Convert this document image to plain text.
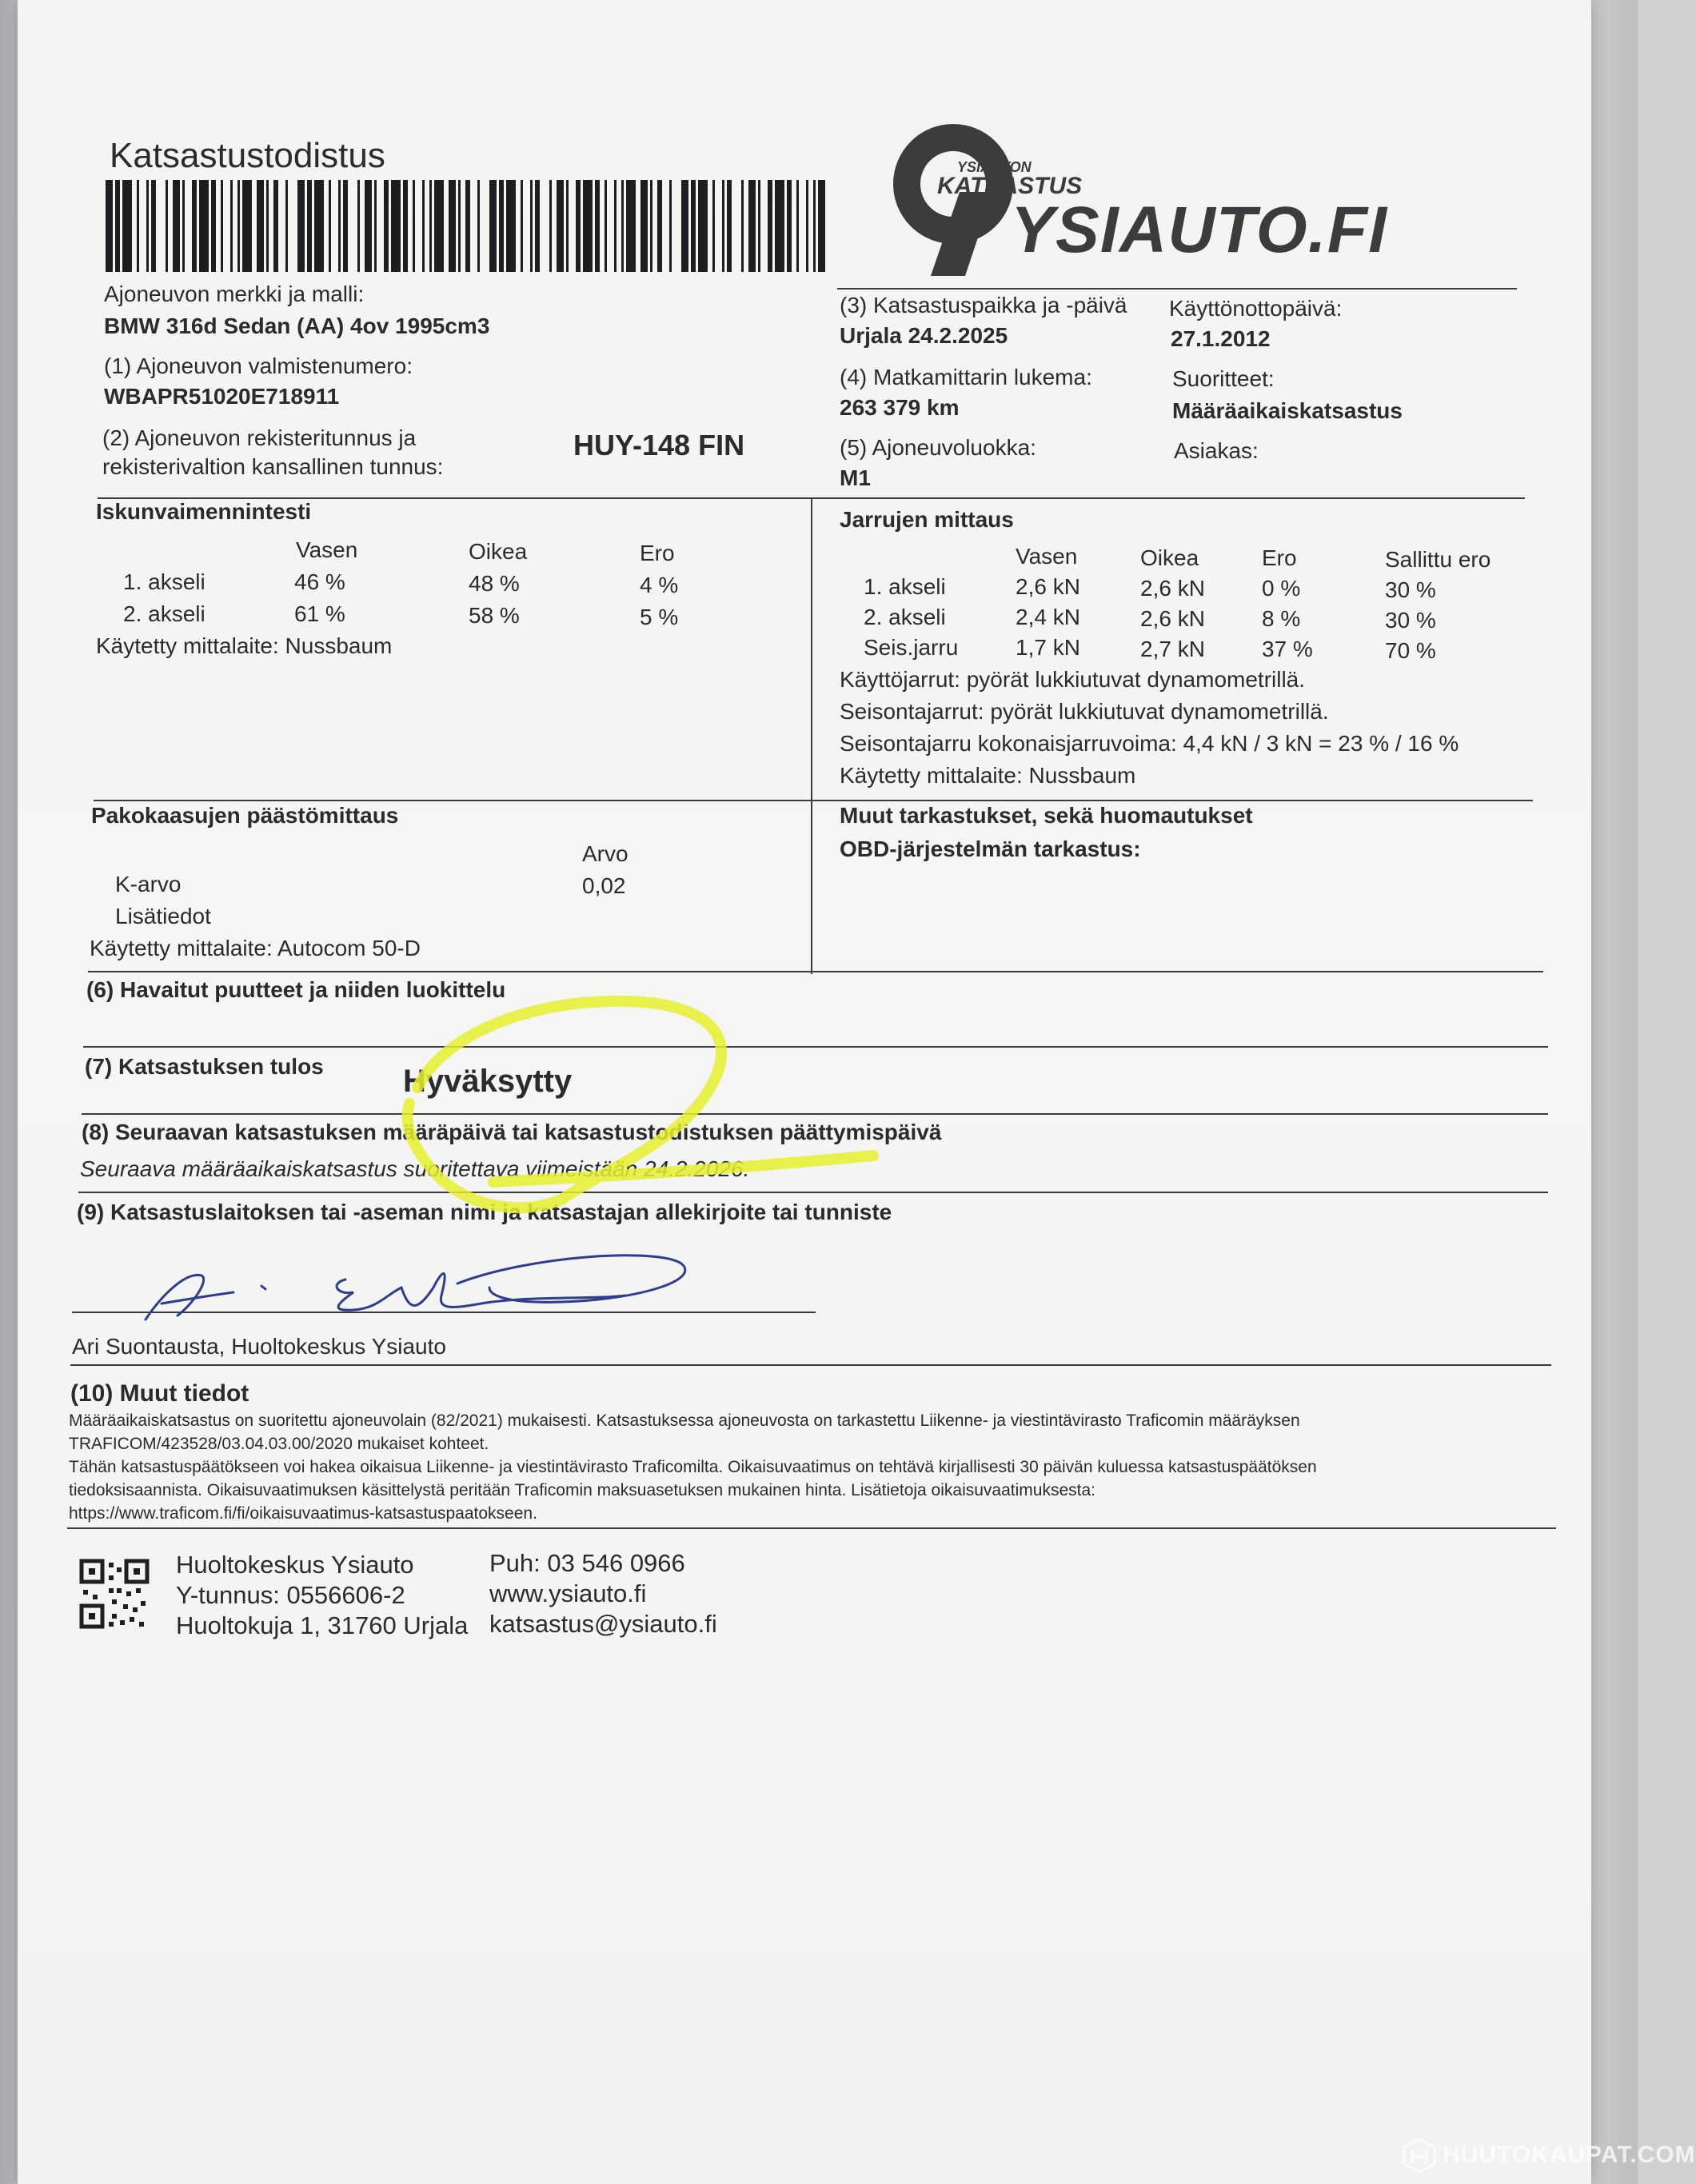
Katsastustodistus	YSIAUTON
KATSASTUS
YSIAUTO.FI
Ajoneuvon merkki ja malli:
BMW 316d Sedan (AA) 4ov 1995cm3
(1) Ajoneuvon valmistenumero:
WBAPR51020E718911
(2) Ajoneuvon rekisteritunnus ja
rekisterivaltion kansallinen tunnus:
HUY-148 FIN
(3) Katsastuspaikka ja -päivä
Urjala 24.2.2025
Käyttönottopäivä:
27.1.2012
(4) Matkamittarin lukema:
263 379 km
Suoritteet:
Määräaikaiskatsastus
(5) Ajoneuvoluokka:
M1
Asiakas:
Iskunvaimennintesti
Vasen	Oikea	Ero
1. akseli	46 %	48 %	4 %
2. akseli	61 %	58 %	5 %
Käytetty mittalaite: Nussbaum
Jarrujen mittaus
Vasen	Oikea	Ero	Sallittu ero
1. akseli	2,6 kN	2,6 kN	0 %	30 %
2. akseli	2,4 kN	2,6 kN	8 %	30 %
Seis.jarru	1,7 kN	2,7 kN	37 %	70 %
Käyttöjarrut: pyörät lukkiutuvat dynamometrillä.
Seisontajarrut: pyörät lukkiutuvat dynamometrillä.
Seisontajarru kokonaisjarruvoima: 4,4 kN / 3 kN = 23 % / 16 %
Käytetty mittalaite: Nussbaum
Pakokaasujen päästömittaus
Arvo
K-arvo	0,02
Lisätiedot
Käytetty mittalaite: Autocom 50-D
Muut tarkastukset, sekä huomautukset
OBD-järjestelmän tarkastus:
(6) Havaitut puutteet ja niiden luokittelu
(7) Katsastuksen tulos Hyväksytty
(8) Seuraavan katsastuksen määräpäivä tai katsastustodistuksen päättymispäivä
Seuraava määräaikaiskatsastus suoritettava viimeistään 24.2.2026.
(9) Katsastuslaitoksen tai -aseman nimi ja katsastajan allekirjoite tai tunniste
Ari Suontausta, Huoltokeskus Ysiauto
(10) Muut tiedot
Määräaikaiskatsastus on suoritettu ajoneuvolain (82/2021) mukaisesti. Katsastuksessa ajoneuvosta on tarkastettu Liikenne- ja viestintävirasto Traficomin määräyksen
TRAFICOM/423528/03.04.03.00/2020 mukaiset kohteet.
Tähän katsastuspäätökseen voi hakea oikaisua Liikenne- ja viestintävirasto Traficomilta. Oikaisuvaatimus on tehtävä kirjallisesti 30 päivän kuluessa katsastuspäätöksen
tiedoksisaannista. Oikaisuvaatimuksen käsittelystä peritään Traficomin maksuasetuksen mukainen hinta. Lisätietoja oikaisuvaatimuksesta:
https://www.traficom.fi/fi/oikaisuvaatimus-katsastuspaatokseen.
Huoltokeskus Ysiauto
Y-tunnus: 0556606-2
Huoltokuja 1, 31760 Urjala
Puh: 03 546 0966
www.ysiauto.fi
katsastus@ysiauto.fi
HUUTOKAUPAT.COM
